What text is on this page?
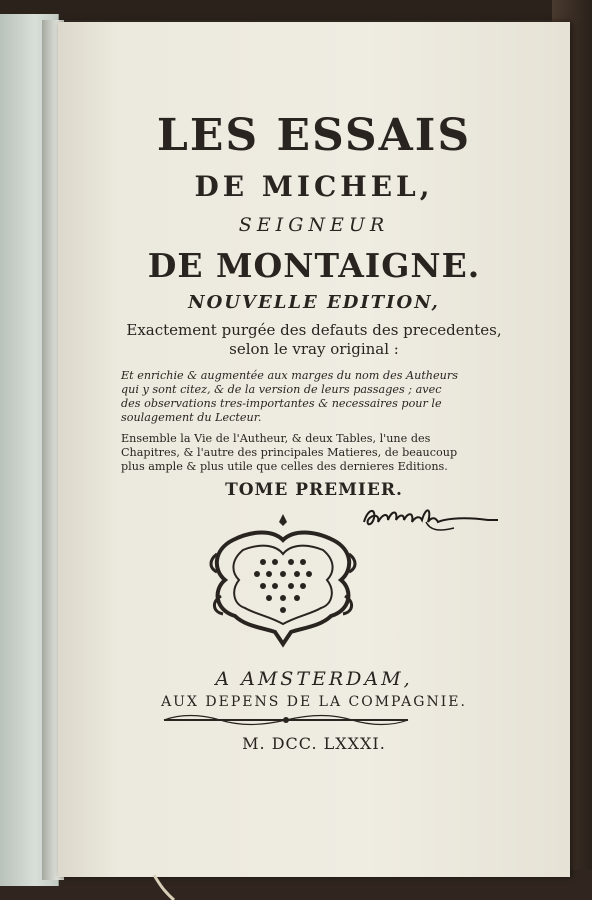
LES ESSAIS
DE MICHEL,
SEIGNEUR
DE MONTAIGNE.
NOUVELLE EDITION,
Exactement purgée des defauts des precedentes,
selon le vray original :
Et enrichie & augmentée aux marges du nom des Autheurs
qui y sont citez, & de la version de leurs passages ; avec
des observations tres-importantes & necessaires pour le
soulagement du Lecteur.
Ensemble la Vie de l'Autheur, & deux Tables, l'une des
Chapitres, & l'autre des principales Matieres, de beaucoup
plus ample & plus utile que celles des dernieres Editions.
TOME PREMIER.
A AMSTERDAM,
AUX DEPENS DE LA COMPAGNIE.
M. DCC. LXXXI.
